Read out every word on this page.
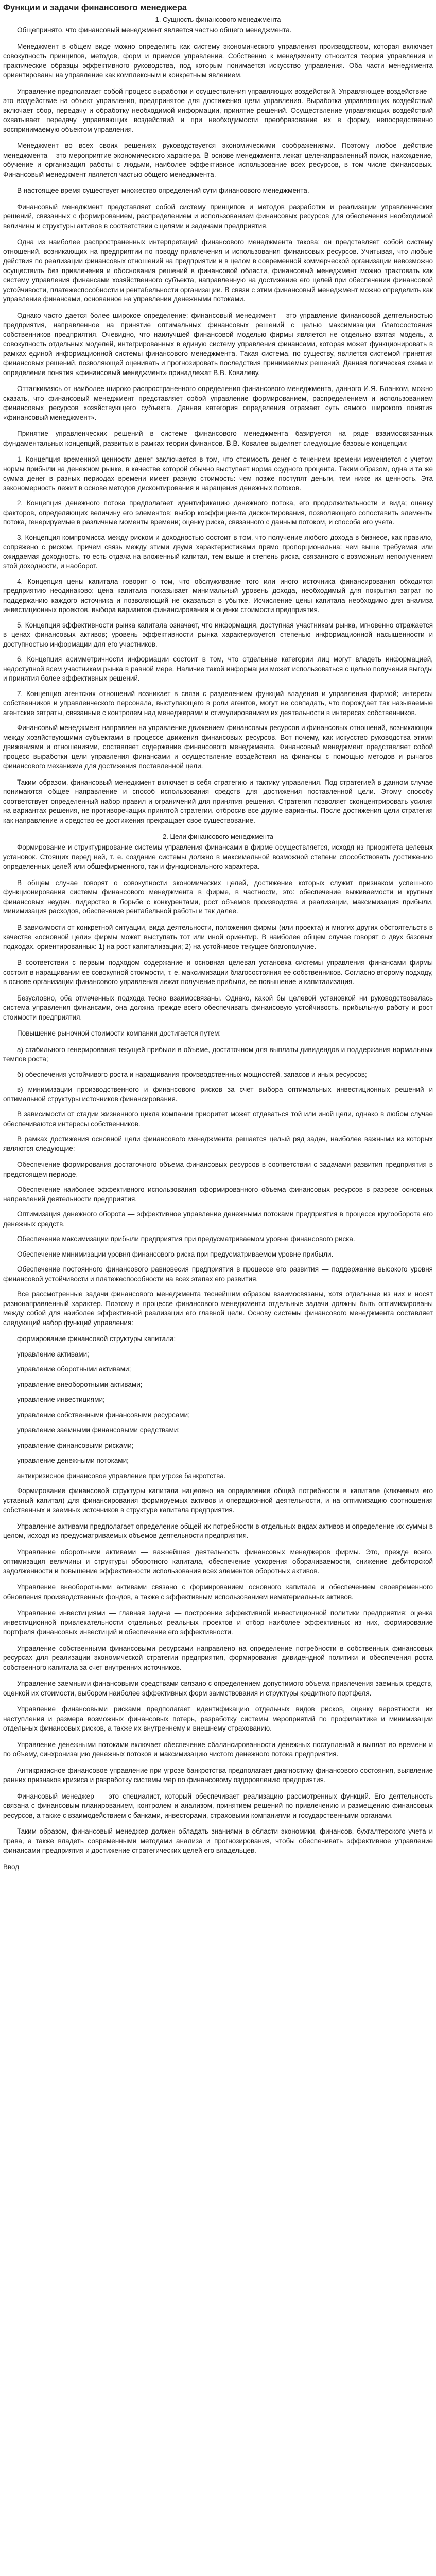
Функции и задачи финансового менеджера
1. Сущность финансового менеджмента

Общепринято, что финансовый менеджмент является частью общего менеджмента.

Менеджмент в общем виде можно определить как систему экономического управления производством, которая включает совокупность принципов, методов, форм и приемов управления. Собственно к менеджменту относится теория управления и практические образцы эффективного руководства, под которым понимается искусство управления. Оба части менеджмента ориентированы на управление как комплексным и конкретным явлением.

Управление предполагает собой процесс выработки и осуществления управляющих воздействий. Управляющее воздействие – это воздействие на объект управления, предпринятое для достижения цели управления. Выработка управляющих воздействий включает сбор, передачу и обработку необходимой информации, принятие решений. Осуществление управляющих воздействий охватывает передачу управляющих воздействий и при необходимости преобразование их в форму, непосредственно воспринимаемую объектом управления.

Менеджмент во всех своих решениях руководствуется экономическими соображениями. Поэтому любое действие менеджмента – это мероприятие экономического характера. В основе менеджмента лежат целенаправленный поиск, нахождение, обучение и организация работы с людьми, наиболее эффективное использование всех ресурсов, в том числе финансовых. Финансовый менеджмент является частью общего менеджмента.

В настоящее время существует множество определений сути финансового менеджмента.

Финансовый менеджмент представляет собой систему принципов и методов разработки и реализации управленческих решений, связанных с формированием, распределением и использованием финансовых ресурсов для обеспечения необходимой величины и структуры активов в соответствии с целями и задачами предприятия.

Одна из наиболее распространенных интерпретаций финансового менеджмента такова: он представляет собой систему отношений, возникающих на предприятии по поводу привлечения и использования финансовых ресурсов. Учитывая, что любые действия по реализации финансовых отношений на предприятии и в целом в современной коммерческой организации невозможно осуществить без привлечения и обоснования решений в финансовой области, финансовый менеджмент можно трактовать как систему управления финансами хозяйственного субъекта, направленную на достижение его целей при обеспечении финансовой устойчивости, платежеспособности и рентабельности организации. В связи с этим финансовый менеджмент можно определить как управление финансами, основанное на управлении денежными потоками.

Однако часто дается более широкое определение: финансовый менеджмент – это управление финансовой деятельностью предприятия, направленное на принятие оптимальных финансовых решений с целью максимизации благосостояния собственников предприятия. Очевидно, что наилучшей финансовой моделью фирмы является не отдельно взятая модель, а совокупность отдельных моделей, интегрированных в единую систему управления финансами, которая может функционировать в рамках единой информационной системы финансового менеджмента. Такая система, по существу, является системой принятия финансовых решений, позволяющей оценивать и прогнозировать последствия принимаемых решений. Данная логическая схема и определение понятия «финансовый менеджмент» принадлежат В.В. Ковалеву.

Отталкиваясь от наиболее широко распространенного определения финансового менеджмента, данного И.Я. Бланком, можно сказать, что финансовый менеджмент представляет собой управление формированием, распределением и использованием финансовых ресурсов хозяйствующего субъекта. Данная категория определения отражает суть самого широкого понятия «финансовый менеджмент».

Принятие управленческих решений в системе финансового менеджмента базируется на ряде взаимосвязанных фундаментальных концепций, развитых в рамках теории финансов. В.В. Ковалев выделяет следующие базовые концепции:

1. Концепция временной ценности денег заключается в том, что стоимость денег с течением времени изменяется с учетом нормы прибыли на денежном рынке, в качестве которой обычно выступает норма ссудного процента. Таким образом, одна и та же сумма денег в разных периодах времени имеет разную стоимость: чем позже поступят деньги, тем ниже их ценность. Эта закономерность лежит в основе методов дисконтирования и наращения денежных потоков.

2. Концепция денежного потока предполагает идентификацию денежного потока, его продолжительности и вида; оценку факторов, определяющих величину его элементов; выбор коэффициента дисконтирования, позволяющего сопоставить элементы потока, генерируемые в различные моменты времени; оценку риска, связанного с данным потоком, и способа его учета.

3. Концепция компромисса между риском и доходностью состоит в том, что получение любого дохода в бизнесе, как правило, сопряжено с риском, причем связь между этими двумя характеристиками прямо пропорциональна: чем выше требуемая или ожидаемая доходность, то есть отдача на вложенный капитал, тем выше и степень риска, связанного с возможным неполучением этой доходности, и наоборот.

4. Концепция цены капитала говорит о том, что обслуживание того или иного источника финансирования обходится предприятию неодинаково; цена капитала показывает минимальный уровень дохода, необходимый для покрытия затрат по поддержанию каждого источника и позволяющий не оказаться в убытке. Исчисление цены капитала необходимо для анализа инвестиционных проектов, выбора вариантов финансирования и оценки стоимости предприятия.

5. Концепция эффективности рынка капитала означает, что информация, доступная участникам рынка, мгновенно отражается в ценах финансовых активов; уровень эффективности рынка характеризуется степенью информационной насыщенности и доступностью информации для его участников.

6. Концепция асимметричности информации состоит в том, что отдельные категории лиц могут владеть информацией, недоступной всем участникам рынка в равной мере. Наличие такой информации может использоваться с целью получения выгоды и принятия более эффективных решений.

7. Концепция агентских отношений возникает в связи с разделением функций владения и управления фирмой; интересы собственников и управленческого персонала, выступающего в роли агентов, могут не совпадать, что порождает так называемые агентские затраты, связанные с контролем над менеджерами и стимулированием их деятельности в интересах собственников.

Финансовый менеджмент направлен на управление движением финансовых ресурсов и финансовых отношений, возникающих между хозяйствующими субъектами в процессе движения финансовых ресурсов. Вот почему, как искусство руководства этими движениями и отношениями, составляет содержание финансового менеджмента. Финансовый менеджмент представляет собой процесс выработки цели управления финансами и осуществление воздействия на финансы с помощью методов и рычагов финансового механизма для достижения поставленной цели.

Таким образом, финансовый менеджмент включает в себя стратегию и тактику управления. Под стратегией в данном случае понимаются общее направление и способ использования средств для достижения поставленной цели. Этому способу соответствует определенный набор правил и ограничений для принятия решения. Стратегия позволяет сконцентрировать усилия на вариантах решения, не противоречащих принятой стратегии, отбросив все другие варианты. После достижения цели стратегия как направление и средство ее достижения прекращает свое существование.

2. Цели финансового менеджмента

Формирование и структурирование системы управления финансами в фирме осуществляется, исходя из приоритета целевых установок. Стоящих перед ней, т. е. создание системы должно в максимальной возможной степени способствовать достижению определенных целей или общефирменного, так и функционального характера.

В общем случае говорят о совокупности экономических целей, достижение которых служит признаком успешного функционирования системы финансового менеджмента в фирме, в частности, это: обеспечение выживаемости и крупных финансовых неудач, лидерство в борьбе с конкурентами, рост объемов производства и реализации, максимизация прибыли, минимизация расходов, обеспечение рентабельной работы и так далее.

В зависимости от конкретной ситуации, вида деятельности, положения фирмы (или проекта) и многих других обстоятельств в качестве «основной цели» фирмы может выступать тот или иной ориентир. В наиболее общем случае говорят о двух базовых подходах, ориентированных: 1) на рост капитализации; 2) на устойчивое текущее благополучие.

В соответствии с первым подходом содержание и основная целевая установка системы управления финансами фирмы состоит в наращивании ее совокупной стоимости, т. е. максимизации благосостояния ее собственников. Согласно второму подходу, в основе организации финансового управления лежат получение прибыли, ее повышение и капитализация.

Безусловно, оба отмеченных подхода тесно взаимосвязаны. Однако, какой бы целевой установкой ни руководствовалась система управления финансами, она должна прежде всего обеспечивать финансовую устойчивость, прибыльную работу и рост стоимости предприятия.

Повышение рыночной стоимости компании достигается путем:

а) стабильного генерирования текущей прибыли в объеме, достаточном для выплаты дивидендов и поддержания нормальных темпов роста;

б) обеспечения устойчивого роста и наращивания производственных мощностей, запасов и иных ресурсов;

в) минимизации производственного и финансового рисков за счет выбора оптимальных инвестиционных решений и оптимальной структуры источников финансирования.

В зависимости от стадии жизненного цикла компании приоритет может отдаваться той или иной цели, однако в любом случае обеспечиваются интересы собственников.

В рамках достижения основной цели финансового менеджмента решается целый ряд задач, наиболее важными из которых являются следующие:

Обеспечение формирования достаточного объема финансовых ресурсов в соответствии с задачами развития предприятия в предстоящем периоде.

Обеспечение наиболее эффективного использования сформированного объема финансовых ресурсов в разрезе основных направлений деятельности предприятия.

Оптимизация денежного оборота — эффективное управление денежными потоками предприятия в процессе кругооборота его денежных средств.

Обеспечение максимизации прибыли предприятия при предусматриваемом уровне финансового риска.

Обеспечение минимизации уровня финансового риска при предусматриваемом уровне прибыли.

Обеспечение постоянного финансового равновесия предприятия в процессе его развития — поддержание высокого уровня финансовой устойчивости и платежеспособности на всех этапах его развития.

Все рассмотренные задачи финансового менеджмента теснейшим образом взаимосвязаны, хотя отдельные из них и носят разнонаправленный характер. Поэтому в процессе финансового менеджмента отдельные задачи должны быть оптимизированы между собой для наиболее эффективной реализации его главной цели. Основу системы финансового менеджмента составляет следующий набор функций управления:

формирование финансовой структуры капитала;

управление активами;

управление оборотными активами;

управление внеоборотными активами;

управление инвестициями;

управление собственными финансовыми ресурсами;

управление заемными финансовыми средствами;

управление финансовыми рисками;

управление денежными потоками;

антикризисное финансовое управление при угрозе банкротства.

Формирование финансовой структуры капитала нацелено на определение общей потребности в капитале (ключевым его уставный капитал) для финансирования формируемых активов и операционной деятельности, и на оптимизацию соотношения собственных и заемных источников в структуре капитала предприятия.

Управление активами предполагает определение общей их потребности в отдельных видах активов и определение их суммы в целом, исходя из предусматриваемых объемов деятельности предприятия.

Управление оборотными активами — важнейшая деятельность финансовых менеджеров фирмы. Это, прежде всего, оптимизация величины и структуры оборотного капитала, обеспечение ускорения оборачиваемости, снижение дебиторской задолженности и повышение эффективности использования всех элементов оборотных активов.

Управление внеоборотными активами связано с формированием основного капитала и обеспечением своевременного обновления производственных фондов, а также с эффективным использованием нематериальных активов.

Управление инвестициями — главная задача — построение эффективной инвестиционной политики предприятия: оценка инвестиционной привлекательности отдельных реальных проектов и отбор наиболее эффективных из них, формирование портфеля финансовых инвестиций и обеспечение его эффективности.

Управление собственными финансовыми ресурсами направлено на определение потребности в собственных финансовых ресурсах для реализации экономической стратегии предприятия, формирования дивидендной политики и обеспечения роста собственного капитала за счет внутренних источников.

Управление заемными финансовыми средствами связано с определением допустимого объема привлечения заемных средств, оценкой их стоимости, выбором наиболее эффективных форм заимствования и структуры кредитного портфеля.

Управление финансовыми рисками предполагает идентификацию отдельных видов рисков, оценку вероятности их наступления и размера возможных финансовых потерь, разработку системы мероприятий по профилактике и минимизации отдельных финансовых рисков, а также их внутреннему и внешнему страхованию.

Управление денежными потоками включает обеспечение сбалансированности денежных поступлений и выплат во времени и по объему, синхронизацию денежных потоков и максимизацию чистого денежного потока предприятия.

Антикризисное финансовое управление при угрозе банкротства предполагает диагностику финансового состояния, выявление ранних признаков кризиса и разработку системы мер по финансовому оздоровлению предприятия.

Финансовый менеджер — это специалист, который обеспечивает реализацию рассмотренных функций. Его деятельность связана с финансовым планированием, контролем и анализом, принятием решений по привлечению и размещению финансовых ресурсов, а также с взаимодействием с банками, инвесторами, страховыми компаниями и государственными органами.

Таким образом, финансовый менеджер должен обладать знаниями в области экономики, финансов, бухгалтерского учета и права, а также владеть современными методами анализа и прогнозирования, чтобы обеспечивать эффективное управление финансами предприятия и достижение стратегических целей его владельцев.

Ввод
